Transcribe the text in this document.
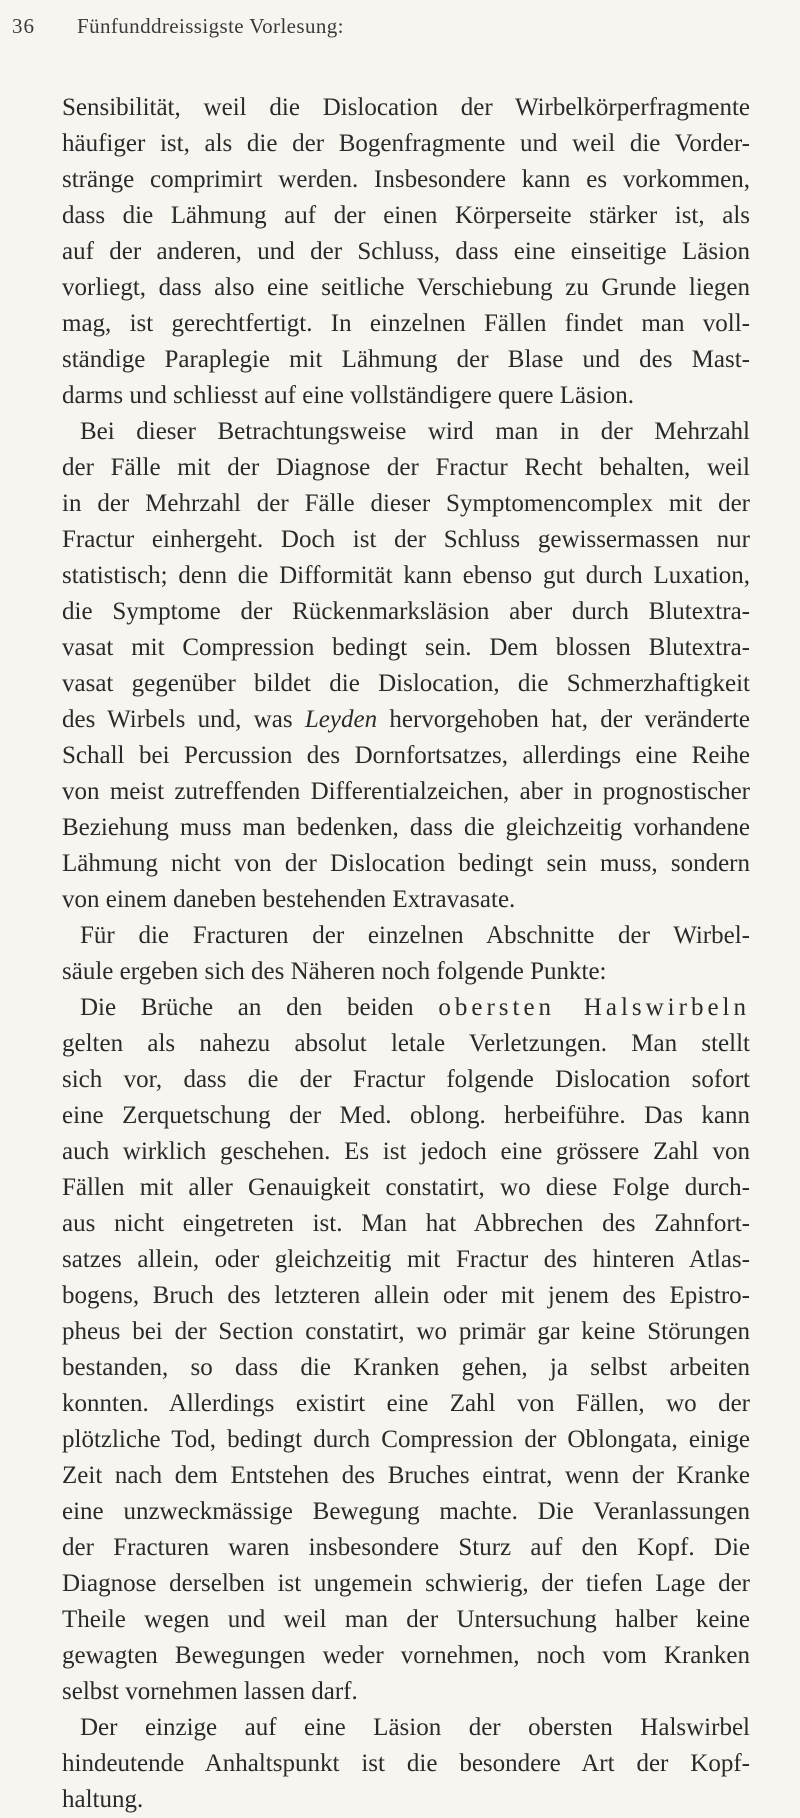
36 Fünfunddreissigste Vorlesung:
Sensibilität, weil die Dislocation der Wirbelkörperfragmente
häufiger ist, als die der Bogenfragmente und weil die Vorder-
stränge comprimirt werden. Insbesondere kann es vorkommen,
dass die Lähmung auf der einen Körperseite stärker ist, als
auf der anderen, und der Schluss, dass eine einseitige Läsion
vorliegt, dass also eine seitliche Verschiebung zu Grunde liegen
mag, ist gerechtfertigt. In einzelnen Fällen findet man voll-
ständige Paraplegie mit Lähmung der Blase und des Mast-
darms und schliesst auf eine vollständigere quere Läsion.
Bei dieser Betrachtungsweise wird man in der Mehrzahl
der Fälle mit der Diagnose der Fractur Recht behalten, weil
in der Mehrzahl der Fälle dieser Symptomencomplex mit der
Fractur einhergeht. Doch ist der Schluss gewissermassen nur
statistisch; denn die Difformität kann ebenso gut durch Luxation,
die Symptome der Rückenmarksläsion aber durch Blutextra-
vasat mit Compression bedingt sein. Dem blossen Blutextra-
vasat gegenüber bildet die Dislocation, die Schmerzhaftigkeit
des Wirbels und, was Leyden hervorgehoben hat, der veränderte
Schall bei Percussion des Dornfortsatzes, allerdings eine Reihe
von meist zutreffenden Differentialzeichen, aber in prognostischer
Beziehung muss man bedenken, dass die gleichzeitig vorhandene
Lähmung nicht von der Dislocation bedingt sein muss, sondern
von einem daneben bestehenden Extravasate.
Für die Fracturen der einzelnen Abschnitte der Wirbel-
säule ergeben sich des Näheren noch folgende Punkte:
Die Brüche an den beiden obersten Halswirbeln
gelten als nahezu absolut letale Verletzungen. Man stellt
sich vor, dass die der Fractur folgende Dislocation sofort
eine Zerquetschung der Med. oblong. herbeiführe. Das kann
auch wirklich geschehen. Es ist jedoch eine grössere Zahl von
Fällen mit aller Genauigkeit constatirt, wo diese Folge durch-
aus nicht eingetreten ist. Man hat Abbrechen des Zahnfort-
satzes allein, oder gleichzeitig mit Fractur des hinteren Atlas-
bogens, Bruch des letzteren allein oder mit jenem des Epistro-
pheus bei der Section constatirt, wo primär gar keine Störungen
bestanden, so dass die Kranken gehen, ja selbst arbeiten
konnten. Allerdings existirt eine Zahl von Fällen, wo der
plötzliche Tod, bedingt durch Compression der Oblongata, einige
Zeit nach dem Entstehen des Bruches eintrat, wenn der Kranke
eine unzweckmässige Bewegung machte. Die Veranlassungen
der Fracturen waren insbesondere Sturz auf den Kopf. Die
Diagnose derselben ist ungemein schwierig, der tiefen Lage der
Theile wegen und weil man der Untersuchung halber keine
gewagten Bewegungen weder vornehmen, noch vom Kranken
selbst vornehmen lassen darf.
Der einzige auf eine Läsion der obersten Halswirbel
hindeutende Anhaltspunkt ist die besondere Art der Kopf-
haltung.
